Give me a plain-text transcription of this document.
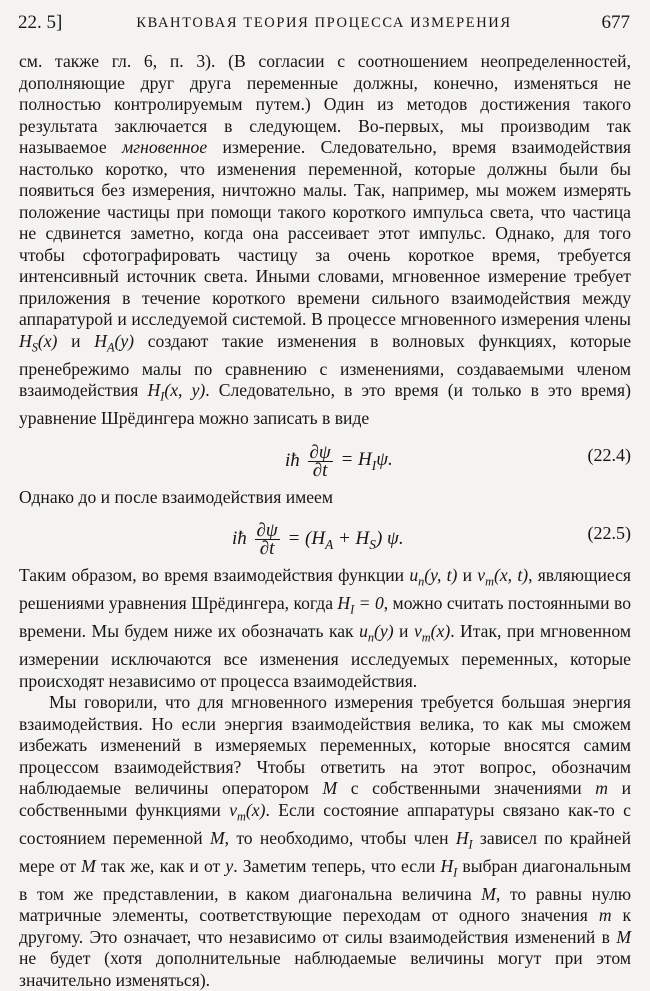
22. 5]	КВАНТОВАЯ ТЕОРИЯ ПРОЦЕССА ИЗМЕРЕНИЯ	677

см. также гл. 6, п. 3). (В согласии с соотношением неопределенностей, дополняющие друг друга переменные должны, конечно, изменяться не полностью контролируемым путем.) Один из методов достижения такого результата заключается в следующем. Во-первых, мы производим так называемое мгновенное измерение. Следовательно, время взаимодействия настолько коротко, что изменения переменной, которые должны были бы появиться без измерения, ничтожно малы. Так, например, мы можем измерять положение частицы при помощи такого короткого импульса света, что частица не сдвинется заметно, когда она рассеивает этот импульс. Однако, для того чтобы сфотографировать частицу за очень короткое время, требуется интенсивный источник света. Иными словами, мгновенное измерение требует приложения в течение короткого времени сильного взаимодействия между аппаратурой и исследуемой системой. В процессе мгновенного измерения члены $H_S(x)$ и $H_A(y)$ создают такие изменения в волновых функциях, которые пренебрежимо малы по сравнению с изменениями, создаваемыми членом взаимодействия $H_I(x$, y). Следовательно, в это время (и только в это время) уравнение Шрёдингера можно записать в виде

iħ $\frac{\partial\psi}{\partial t} = H_I\psi$.	(22.4)

Однако до и после взаимодействия имеем

iħ $\frac{\partial\psi}{\partial t} = (H_A + H_S)$ ψ.	(22.5)

Таким образом, во время взаимодействия функции $u_n(y$, t) и $v_m(x$, t), являющиеся решениями уравнения Шрёдингера, когда $H_I = 0$, можно считать постоянными во времени. Мы будем ниже их обозначать как $u_n(y)$ и $v_m(x)$. Итак, при мгновенном измерении исключаются все изменения исследуемых переменных, которые происходят независимо от процесса взаимодействия.

Мы говорили, что для мгновенного измерения требуется большая энергия взаимодействия. Но если энергия взаимодействия велика, то как мы сможем избежать изменений в измеряемых переменных, которые вносятся самим процессом взаимодействия? Чтобы ответить на этот вопрос, обозначим наблюдаемые величины оператором M с собственными значениями m и собственными функциями $v_m(x)$. Если состояние аппаратуры связано как-то с состоянием переменной M, то необходимо, чтобы член $H_I$ зависел по крайней мере от M так же, как и от y. Заметим теперь, что если $H_I$ выбран диагональным в том же представлении, в каком диагональна величина M, то равны нулю матричные элементы, соответствующие переходам от одного значения m к другому. Это означает, что независимо от силы взаимодействия изменений в M не будет (хотя дополнительные наблюдаемые величины могут при этом значительно изменяться).
